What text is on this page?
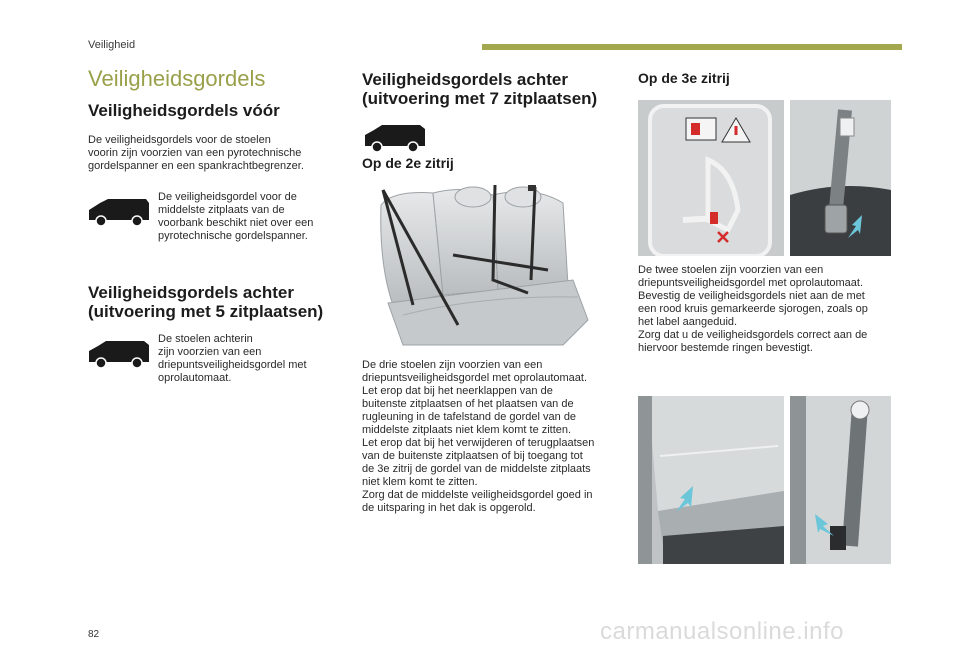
Veiligheid
Veiligheidsgordels

Veiligheidsgordels vóór

De veiligheidsgordels voor de stoelen
voorin zijn voorzien van een pyrotechnische
gordelspanner en een spankrachtbegrenzer.

De veiligheidsgordel voor de
middelste zitplaats van de
voorbank beschikt niet over een
pyrotechnische gordelspanner.

Veiligheidsgordels achter

(uitvoering met 5 zitplaatsen)

De stoelen achterin
zijn voorzien van een
driepuntsveiligheidsgordel met
oprolautomaat.

Veiligheidsgordels achter

(uitvoering met 7 zitplaatsen)

Op de 2e zitrij

De drie stoelen zijn voorzien van een
driepuntsveiligheidsgordel met oprolautomaat.
Let erop dat bij het neerklappen van de
buitenste zitplaatsen of het plaatsen van de
rugleuning in de tafelstand de gordel van de
middelste zitplaats niet klem komt te zitten.
Let erop dat bij het verwijderen of terugplaatsen
van de buitenste zitplaatsen of bij toegang tot
de 3e zitrij de gordel van de middelste zitplaats
niet klem komt te zitten.
Zorg dat de middelste veiligheidsgordel goed in
de uitsparing in het dak is opgerold.

Op de 3e zitrij

De twee stoelen zijn voorzien van een
driepuntsveiligheidsgordel met oprolautomaat.
Bevestig de veiligheidsgordels niet aan de met
een rood kruis gemarkeerde sjorogen, zoals op
het label aangeduid.
Zorg dat u de veiligheidsgordels correct aan de
hiervoor bestemde ringen bevestigt.

carmanualsonline.info
82
